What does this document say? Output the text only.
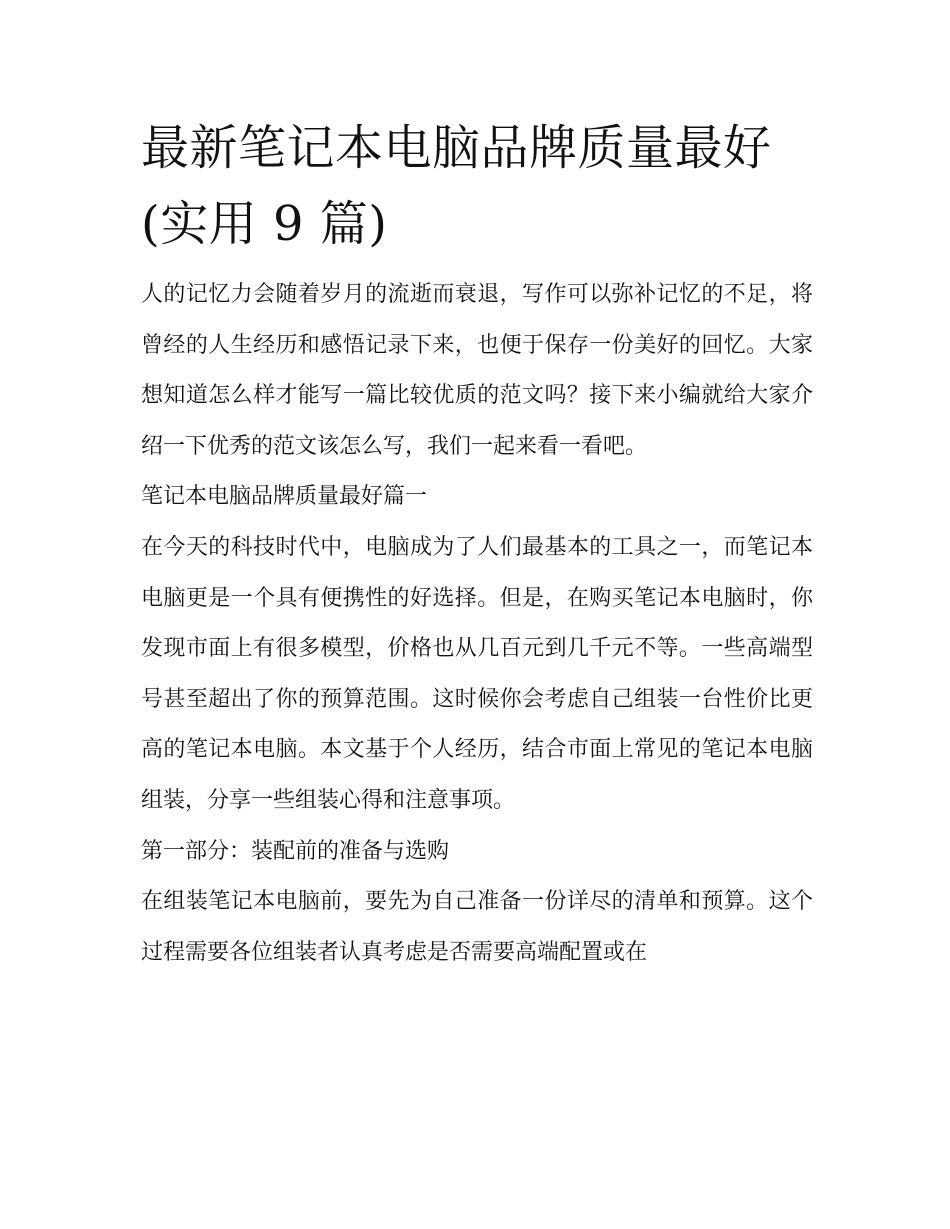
最新笔记本电脑品牌质量最好
(实用 9 篇)

人的记忆力会随着岁月的流逝而衰退，写作可以弥补记忆的不足，将曾经的人生经历和感悟记录下来，也便于保存一份美好的回忆。大家想知道怎么样才能写一篇比较优质的范文吗？接下来小编就给大家介绍一下优秀的范文该怎么写，我们一起来看一看吧。

笔记本电脑品牌质量最好篇一

在今天的科技时代中，电脑成为了人们最基本的工具之一，而笔记本电脑更是一个具有便携性的好选择。但是，在购买笔记本电脑时，你发现市面上有很多模型，价格也从几百元到几千元不等。一些高端型号甚至超出了你的预算范围。这时候你会考虑自己组装一台性价比更高的笔记本电脑。本文基于个人经历，结合市面上常见的笔记本电脑组装，分享一些组装心得和注意事项。

第一部分：装配前的准备与选购

在组装笔记本电脑前，要先为自己准备一份详尽的清单和预算。这个过程需要各位组装者认真考虑是否需要高端配置或在
